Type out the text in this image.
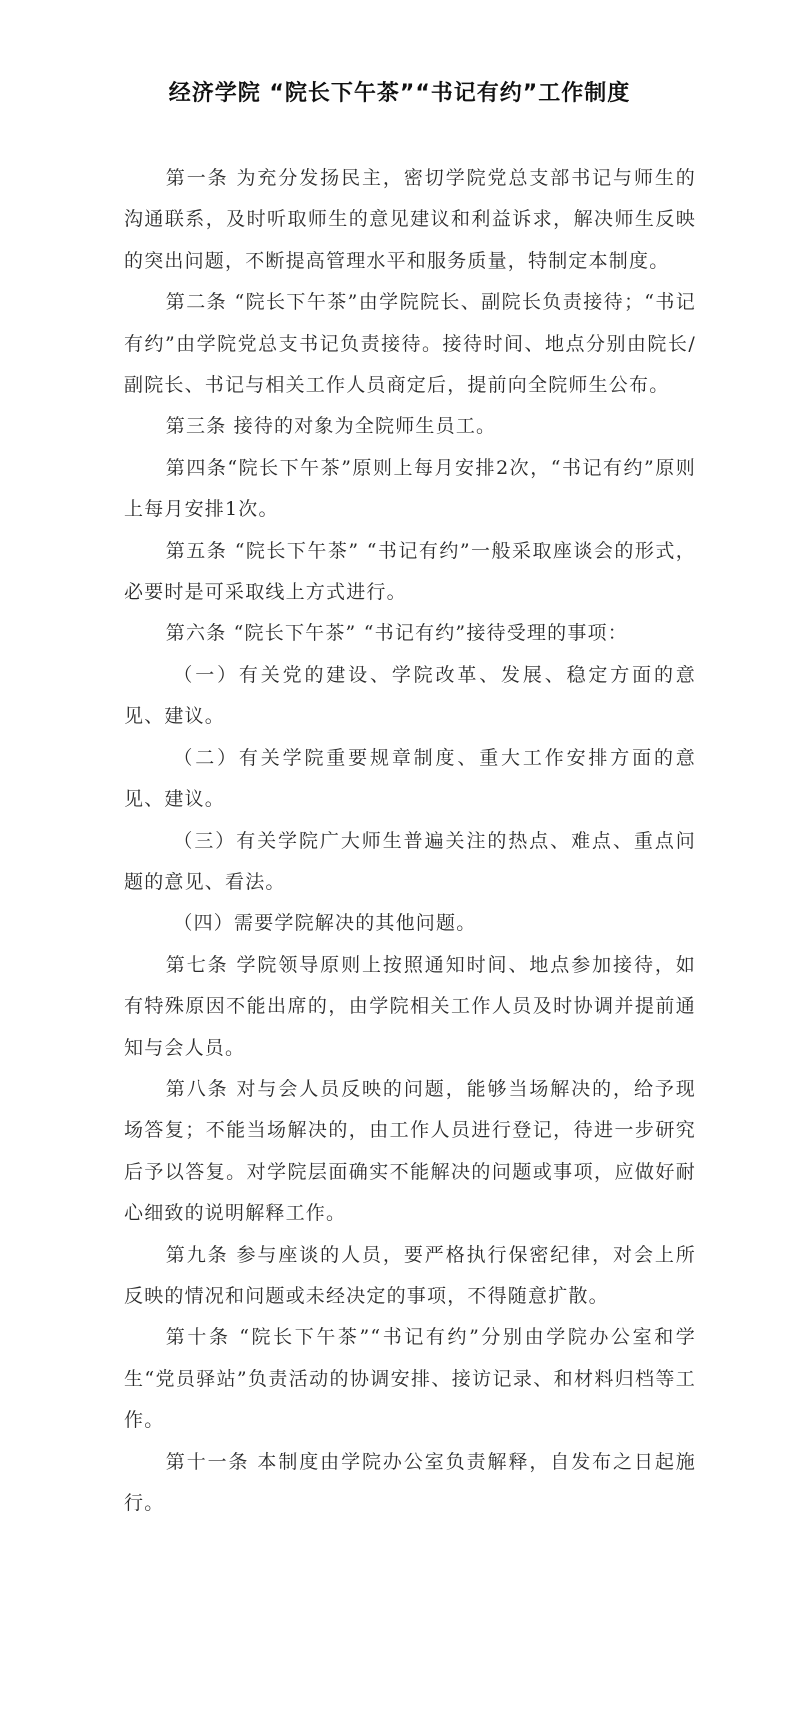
经济学院 “院长下午茶”“书记有约”工作制度

第一条 为充分发扬民主，密切学院党总支部书记与师生的沟通联系，及时听取师生的意见建议和利益诉求，解决师生反映的突出问题，不断提高管理水平和服务质量，特制定本制度。

第二条 “院长下午茶”由学院院长、副院长负责接待；“书记有约”由学院党总支书记负责接待。接待时间、地点分别由院长/副院长、书记与相关工作人员商定后，提前向全院师生公布。

第三条 接待的对象为全院师生员工。

第四条“院长下午茶”原则上每月安排2次，“书记有约”原则上每月安排1次。

第五条 “院长下午茶” “书记有约”一般采取座谈会的形式，必要时是可采取线上方式进行。

第六条 “院长下午茶” “书记有约”接待受理的事项：

（一）有关党的建设、学院改革、发展、稳定方面的意见、建议。

（二）有关学院重要规章制度、重大工作安排方面的意见、建议。

（三）有关学院广大师生普遍关注的热点、难点、重点问题的意见、看法。

（四）需要学院解决的其他问题。

第七条 学院领导原则上按照通知时间、地点参加接待，如有特殊原因不能出席的，由学院相关工作人员及时协调并提前通知与会人员。

第八条 对与会人员反映的问题，能够当场解决的，给予现场答复；不能当场解决的，由工作人员进行登记，待进一步研究后予以答复。对学院层面确实不能解决的问题或事项，应做好耐心细致的说明解释工作。

第九条 参与座谈的人员，要严格执行保密纪律，对会上所反映的情况和问题或未经决定的事项，不得随意扩散。

第十条 “院长下午茶”“书记有约”分别由学院办公室和学生“党员驿站”负责活动的协调安排、接访记录、和材料归档等工作。

第十一条 本制度由学院办公室负责解释，自发布之日起施行。
